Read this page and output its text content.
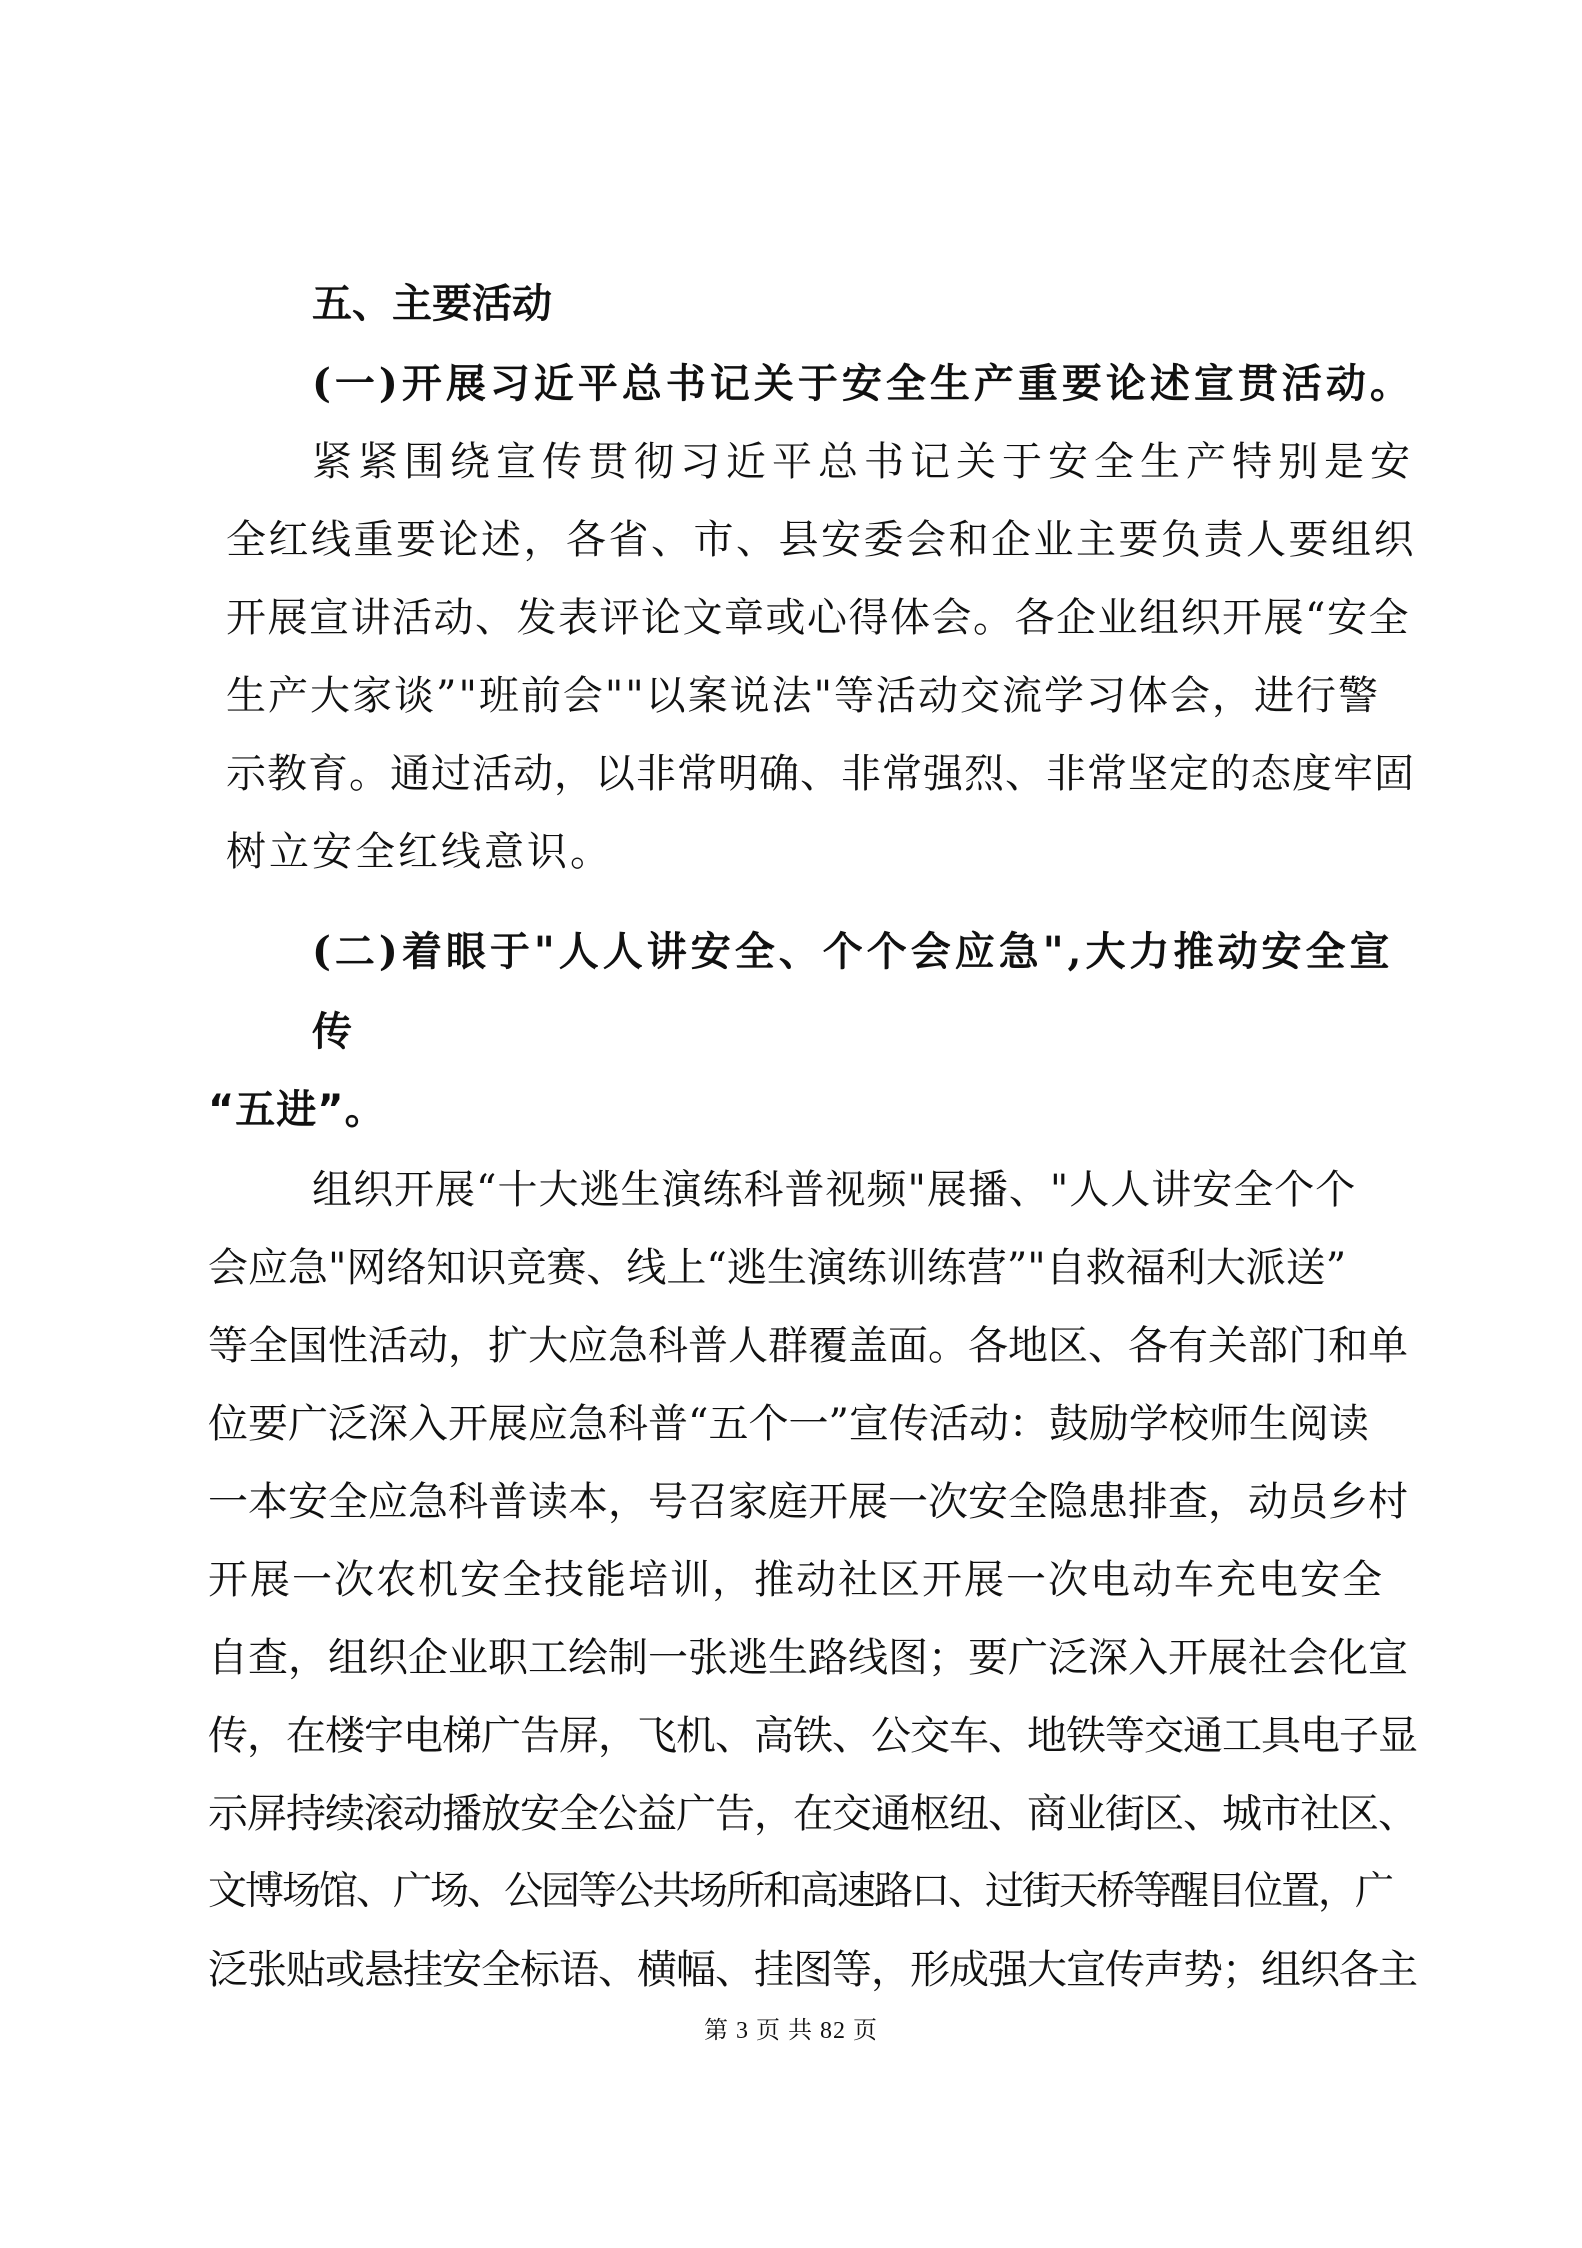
五、主要活动

(一)开展习近平总书记关于安全生产重要论述宣贯活动。

紧紧围绕宣传贯彻习近平总书记关于安全生产特别是安

全红线重要论述，各省、市、县安委会和企业主要负责人要组织

开展宣讲活动、发表评论文章或心得体会。各企业组织开展“安全

生产大家谈”"班前会""以案说法"等活动交流学习体会，进行警

示教育。通过活动，以非常明确、非常强烈、非常坚定的态度牢固

树立安全红线意识。

(二)着眼于"人人讲安全、个个会应急",大力推动安全宣

传

“五进”。

组织开展“十大逃生演练科普视频"展播、"人人讲安全个个

会应急"网络知识竞赛、线上“逃生演练训练营”"自救福利大派送”

等全国性活动，扩大应急科普人群覆盖面。各地区、各有关部门和单

位要广泛深入开展应急科普“五个一”宣传活动：鼓励学校师生阅读

一本安全应急科普读本，号召家庭开展一次安全隐患排查，动员乡村

开展一次农机安全技能培训，推动社区开展一次电动车充电安全

自查，组织企业职工绘制一张逃生路线图；要广泛深入开展社会化宣

传，在楼宇电梯广告屏，飞机、高铁、公交车、地铁等交通工具电子显

示屏持续滚动播放安全公益广告，在交通枢纽、商业街区、城市社区、

文博场馆、广场、公园等公共场所和高速路口、过街天桥等醒目位置，广

泛张贴或悬挂安全标语、横幅、挂图等，形成强大宣传声势；组织各主

第 3 页 共 82 页
